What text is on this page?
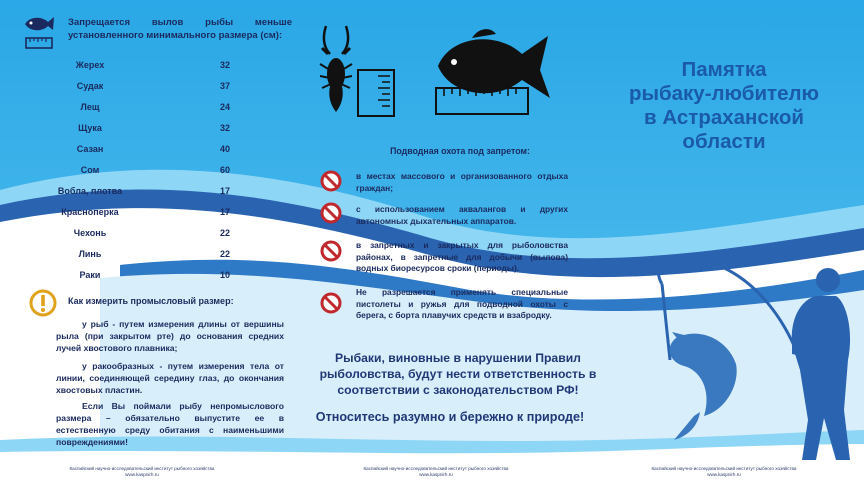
Запрещается вылов рыбы меньше установленного минимального размера (см):
Жерех	32
Судак	37
Лещ	24
Щука	32
Сазан	40
Сом	60
Вобла, плотва	17
Красноперка	17
Чехонь	22
Линь	22
Раки	10
Как измерить промысловый размер:
у рыб - путем измерения длины от вершины рыла (при закрытом рте) до основания средних лучей хвостового плавника;
у ракообразных - путем измерения тела от линии, соединяющей середину глаз, до окончания хвостовых пластин.
Если Вы поймали рыбу непромыслового размера – обязательно выпустите ее в естественную среду обитания с наименьшими повреждениями!
Подводная охота под запретом:
в местах массового и организованного отдыха граждан;
с использованием аквалангов и других автономных дыхательных аппаратов.
в запретных и закрытых для рыболовства районах, в запретные для добычи (вылова) водных биоресурсов сроки (периоды).
Не разрешается применять специальные пистолеты и ружья для подводной охоты с берега, с борта плавучих средств и взабродку.
Рыбаки, виновные в нарушении Правил рыболовства, будут нести ответственность в соответствии с законодательством РФ!
Относитесь разумно и бережно к природе!
Памятка
рыбаку-любителю
в Астраханской
области
Каспийский научно-исследовательский институт рыбного хозяйства
www.kaspnirh.ru
Каспийский научно-исследовательский институт рыбного хозяйства
www.kaspnirh.ru
Каспийский научно-исследовательский институт рыбного хозяйства
www.kaspnirh.ru
